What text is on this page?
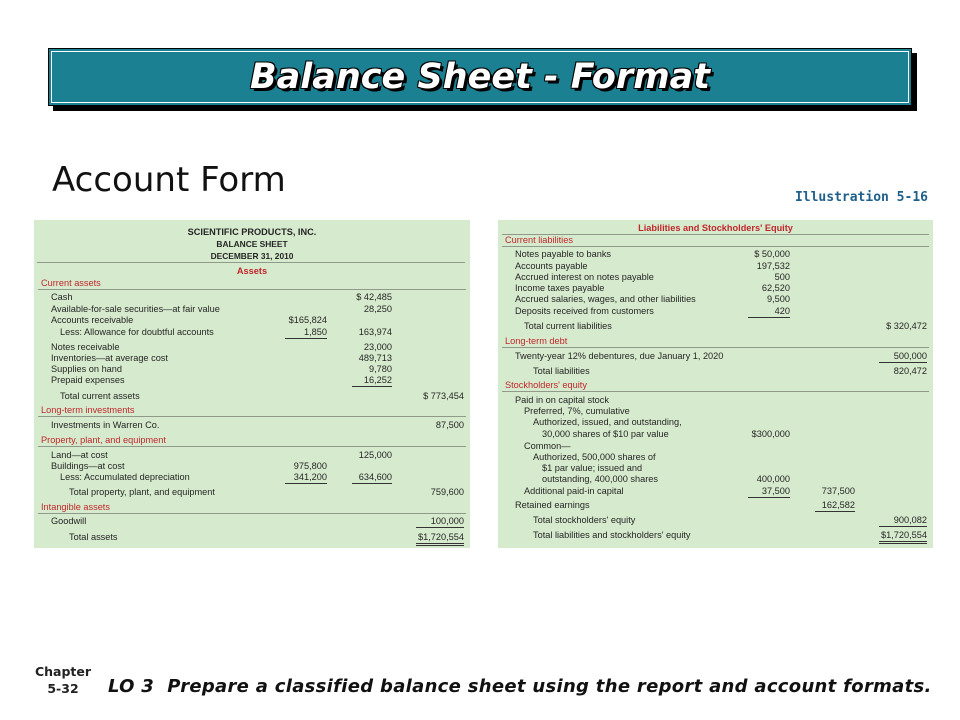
Balance Sheet - Format
Account Form	Illustration 5-16
SCIENTIFIC PRODUCTS, INC.
BALANCE SHEET
DECEMBER 31, 2010
Assets
Current assets
Cash	$ 42,485
Available-for-sale securities—at fair value	28,250
Accounts receivable	$165,824
Less: Allowance for doubtful accounts	1,850	163,974
Notes receivable	23,000
Inventories—at average cost	489,713
Supplies on hand	9,780
Prepaid expenses	16,252
Total current assets	$ 773,454
Long-term investments
Investments in Warren Co.	87,500
Property, plant, and equipment
Land—at cost	125,000
Buildings—at cost	975,800
Less: Accumulated depreciation	341,200	634,600
Total property, plant, and equipment	759,600
Intangible assets
Goodwill	100,000
Total assets	$1,720,554
Liabilities and Stockholders' Equity
Current liabilities
Notes payable to banks	$ 50,000
Accounts payable	197,532
Accrued interest on notes payable	500
Income taxes payable	62,520
Accrued salaries, wages, and other liabilities	9,500
Deposits received from customers	420
Total current liabilities	$ 320,472
Long-term debt
Twenty-year 12% debentures, due January 1, 2020	500,000
Total liabilities	820,472
Stockholders' equity
Paid in on capital stock
Preferred, 7%, cumulative
Authorized, issued, and outstanding,
30,000 shares of $10 par value	$300,000
Common—
Authorized, 500,000 shares of
$1 par value; issued and
outstanding, 400,000 shares	400,000
Additional paid-in capital	37,500	737,500
Retained earnings	162,582
Total stockholders' equity	900,082
Total liabilities and stockholders' equity	$1,720,554
Chapter
5-32	LO 3  Prepare a classified balance sheet using the report and account formats.
